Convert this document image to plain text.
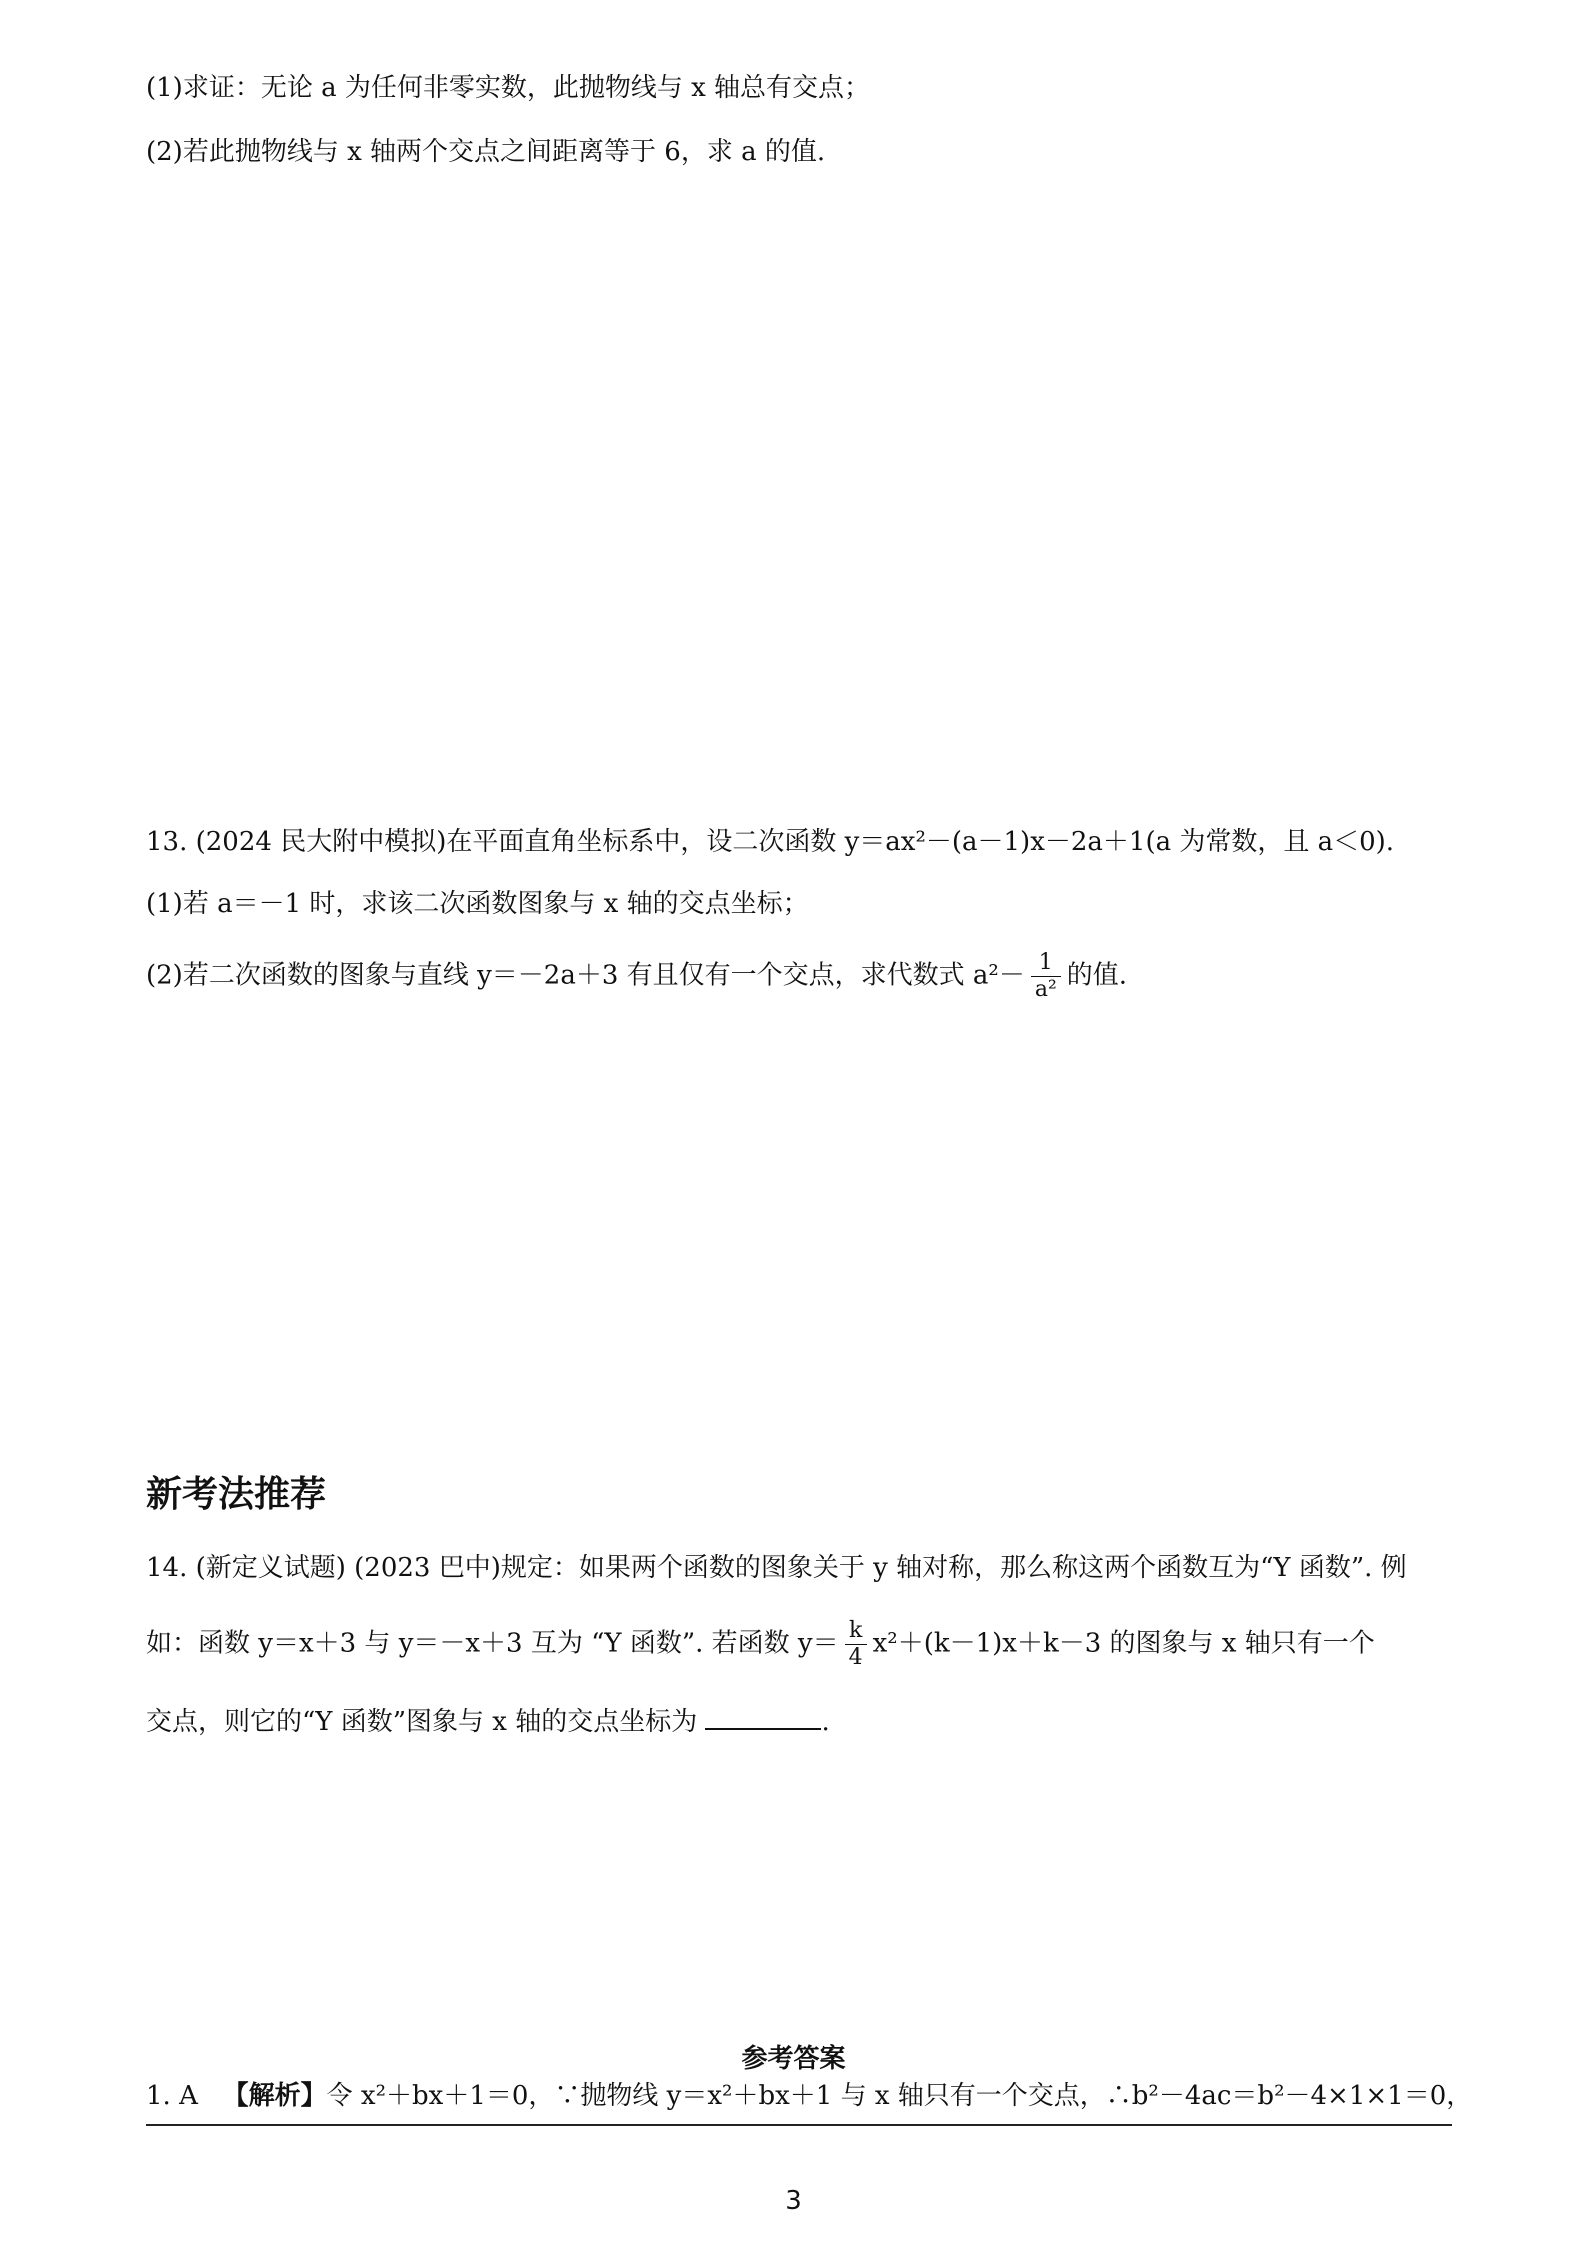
(1)求证：无论 a 为任何非零实数，此抛物线与 x 轴总有交点；
(2)若此抛物线与 x 轴两个交点之间距离等于 6，求 a 的值.
13. (2024 民大附中模拟)在平面直角坐标系中，设二次函数 y＝ax²－(a－1)x－2a＋1(a 为常数，且 a＜0).
(1)若 a＝－1 时，求该二次函数图象与 x 轴的交点坐标；
(2)若二次函数的图象与直线 y＝－2a＋3 有且仅有一个交点，求代数式 $a^2- \frac{1}{\text{a²}}$ 的值.
新考法推荐
14. (新定义试题) (2023 巴中)规定：如果两个函数的图象关于 y 轴对称，那么称这两个函数互为“Y 函数”. 例
如：函数 y＝x＋3 与 y＝－x＋3 互为 “Y 函数”. 若函数 $y= \frac{k}{4} x^2+(k-1)x+k-3$ 的图象与 x 轴只有一个
交点，则它的“Y 函数”图象与 x 轴的交点坐标为	.
参考答案
1. A 【解析】令 x²＋bx＋1＝0，∵抛物线 y＝x²＋bx＋1 与 x 轴只有一个交点，∴b²－4ac＝b²－4×1×1＝0，
3
